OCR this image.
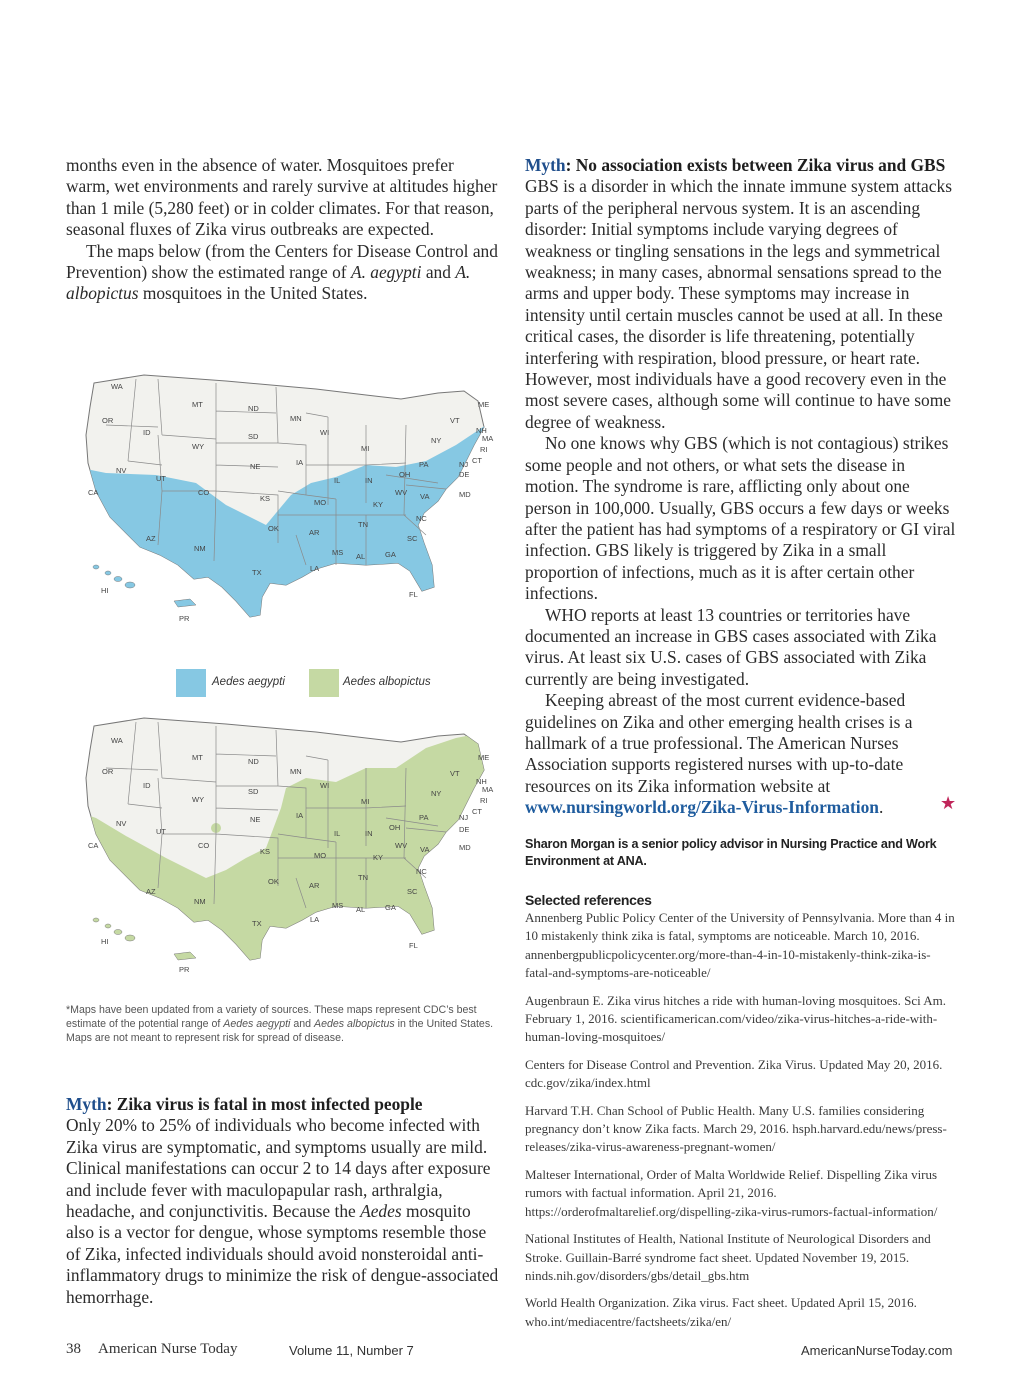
months even in the absence of water. Mosquitoes prefer warm, wet environments and rarely survive at altitudes higher than 1 mile (5,280 feet) or in colder climates. For that reason, seasonal fluxes of Zika virus outbreaks are expected.

The maps below (from the Centers for Disease Control and Prevention) show the estimated range of A. aegypti and A. albopictus mosquitoes in the United States.

WA
OR
ID
MT	ND
MN
WI
MI
NY
VT
ME
NH
MA
RI
CT
NJ
DE
MD
PA
OH
IN
IL
IA
SD
NE
WY
NV
UT
CO
KS	MO	KY
WV VA
NC
SC
TN
AR
OK
NM
AZ
CA
TX	LA
MS AL	GA
FL
HI
PR
Aedes aegypti	Aedes albopictus
WA
OR
ID
MT	ND
MN
WI
MI
NY
VT
ME
NH
MA
RI
CT
NJ
DE
MD
PA
OH
IN
IL
IA
SD
NE
WY
NV
UT
CO
KS	MO	KY
WV VA
NC
SC
TN
AR
OK
NM
AZ
CA
TX	LA
MS AL	GA
FL
HI
PR

*Maps have been updated from a variety of sources. These maps represent CDC’s best estimate of the potential range of Aedes aegypti and Aedes albopictus in the United States. Maps are not meant to represent risk for spread of disease.

Myth: Zika virus is fatal in most infected people

Only 20% to 25% of individuals who become infected with Zika virus are symptomatic, and symptoms usually are mild. Clinical manifestations can occur 2 to 14 days after exposure and include fever with maculopapular rash, arthralgia, headache, and conjunctivitis. Because the Aedes mosquito also is a vector for dengue, whose symptoms resemble those of Zika, infected individuals should avoid nonsteroidal anti-inflammatory drugs to minimize the risk of dengue-associated hemorrhage.

Myth: No association exists between Zika virus and GBS

GBS is a disorder in which the innate immune system attacks parts of the peripheral nervous system. It is an ascending disorder: Initial symptoms include varying degrees of weakness or tingling sensations in the legs and symmetrical weakness; in many cases, abnormal sensations spread to the arms and upper body. These symptoms may increase in intensity until certain muscles cannot be used at all. In these critical cases, the disorder is life threatening, potentially interfering with respiration, blood pressure, or heart rate. However, most individuals have a good recovery even in the most severe cases, although some will continue to have some degree of weakness.

No one knows why GBS (which is not contagious) strikes some people and not others, or what sets the disease in motion. The syndrome is rare, afflicting only about one person in 100,000. Usually, GBS occurs a few days or weeks after the patient has had symptoms of a respiratory or GI viral infection. GBS likely is triggered by Zika in a small proportion of infections, much as it is after certain other infections.

WHO reports at least 13 countries or territories have documented an increase in GBS cases associated with Zika virus. At least six U.S. cases of GBS associated with Zika currently are being investigated.

Keeping abreast of the most current evidence-based guidelines on Zika and other emerging health crises is a hallmark of a true professional. The American Nurses Association supports registered nurses with up-to-date resources on its Zika information website at www.nursingworld.org/Zika-Virus-Information.	★

Sharon Morgan is a senior policy advisor in Nursing Practice and Work Environment at ANA.

Selected references

Annenberg Public Policy Center of the University of Pennsylvania. More than 4 in 10 mistakenly think zika is fatal, symptoms are noticeable. March 10, 2016. annenbergpublicpolicycenter.org/more-than-4-in-10-mistakenly-think-zika-is-fatal-and-symptoms-are-noticeable/

Augenbraun E. Zika virus hitches a ride with human-loving mosquitoes. Sci Am. February 1, 2016. scientificamerican.com/video/zika-virus-hitches-a-ride-with-human-loving-mosquitoes/

Centers for Disease Control and Prevention. Zika Virus. Updated May 20, 2016. cdc.gov/zika/index.html

Harvard T.H. Chan School of Public Health. Many U.S. families considering pregnancy don’t know Zika facts. March 29, 2016. hsph.harvard.edu/news/press-releases/zika-virus-awareness-pregnant-women/

Malteser International, Order of Malta Worldwide Relief. Dispelling Zika virus rumors with factual information. April 21, 2016. https://orderofmaltarelief.org/dispelling-zika-virus-rumors-factual-information/

National Institutes of Health, National Institute of Neurological Disorders and Stroke. Guillain-Barré syndrome fact sheet. Updated November 19, 2015. ninds.nih.gov/disorders/gbs/detail_gbs.htm

World Health Organization. Zika virus. Fact sheet. Updated April 15, 2016. who.int/mediacentre/factsheets/zika/en/

38 American Nurse Today	Volume 11, Number 7	AmericanNurseToday.com
